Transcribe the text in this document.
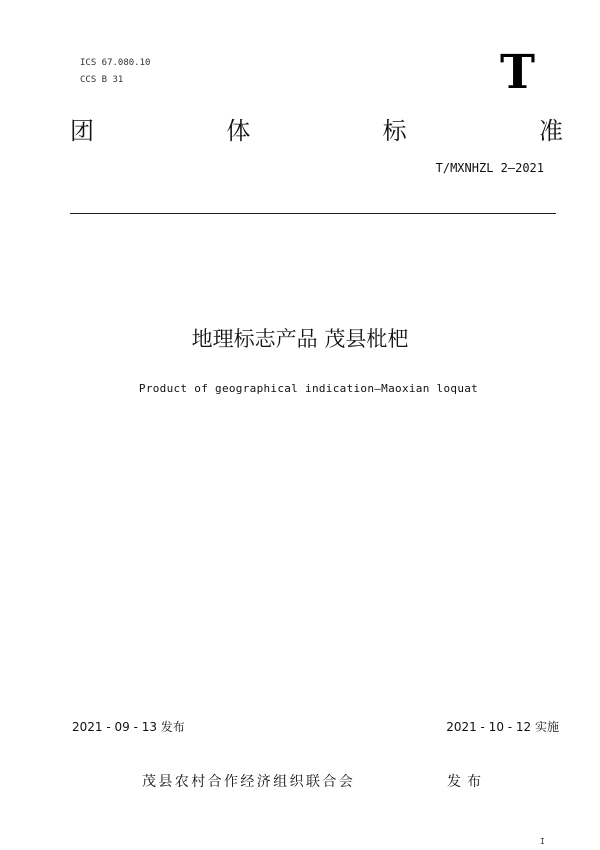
ICS 67.080.10
CCS B 31	T
团	体	标	准
T/MXNHZL 2—2021
地理标志产品 茂县枇杷
Product of geographical indication—Maoxian loquat
2021 - 09 - 13 发布	2021 - 10 - 12 实施
茂县农村合作经济组织联合会	发布
I
